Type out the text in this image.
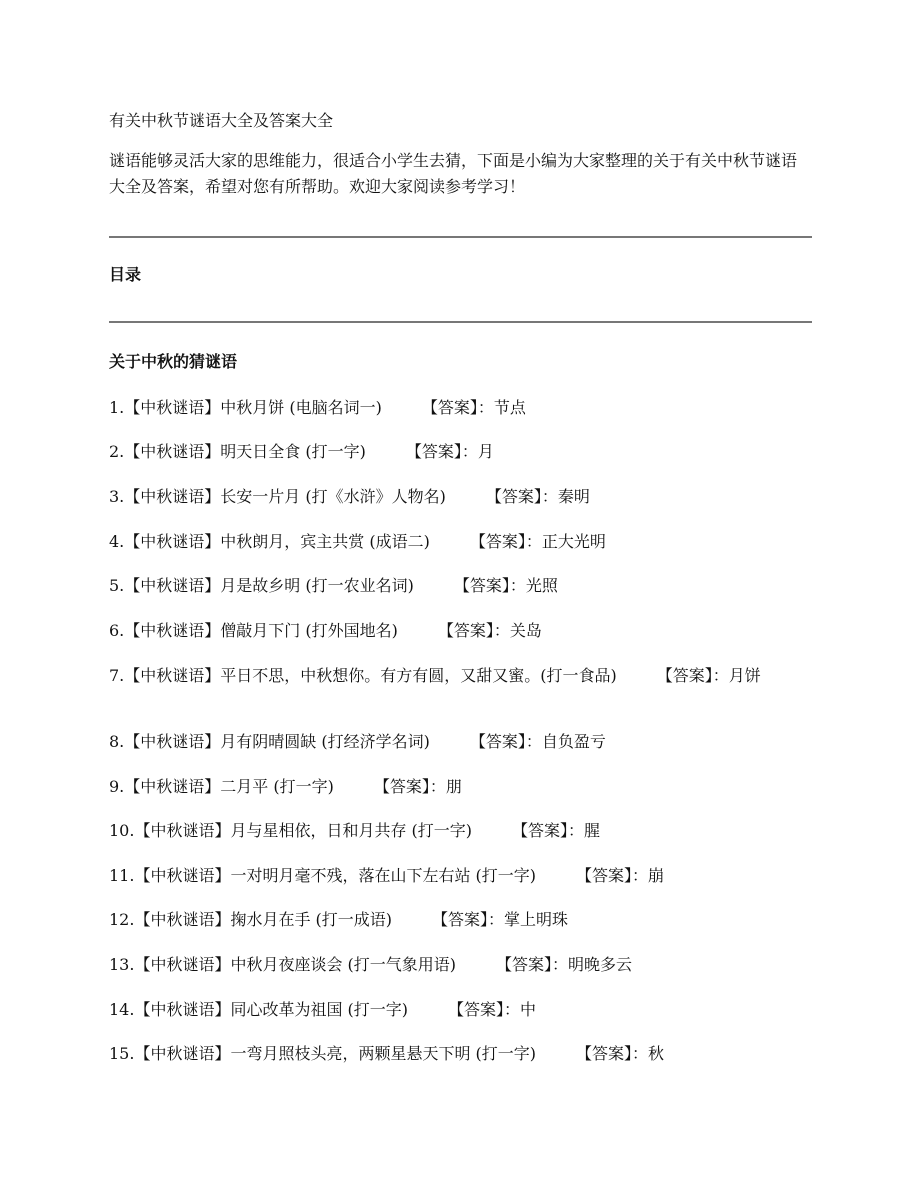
有关中秋节谜语大全及答案大全

谜语能够灵活大家的思维能力，很适合小学生去猜，下面是小编为大家整理的关于有关中秋节谜语大全及答案，希望对您有所帮助。欢迎大家阅读参考学习！

目录

关于中秋的猜谜语

1.【中秋谜语】中秋月饼 (电脑名词一)	【答案】：节点
2.【中秋谜语】明天日全食 (打一字)	【答案】：月
3.【中秋谜语】长安一片月 (打《水浒》人物名)	【答案】：秦明
4.【中秋谜语】中秋朗月，宾主共赏 (成语二)	【答案】：正大光明
5.【中秋谜语】月是故乡明 (打一农业名词)	【答案】：光照
6.【中秋谜语】僧敲月下门 (打外国地名)	【答案】：关岛
7.【中秋谜语】平日不思，中秋想你。有方有圆，又甜又蜜。(打一食品)	【答案】：月饼
8.【中秋谜语】月有阴晴圆缺 (打经济学名词)	【答案】：自负盈亏
9.【中秋谜语】二月平 (打一字)	【答案】：朋
10.【中秋谜语】月与星相依，日和月共存 (打一字)	【答案】：腥
11.【中秋谜语】一对明月毫不残，落在山下左右站 (打一字)	【答案】：崩
12.【中秋谜语】掬水月在手 (打一成语)	【答案】：掌上明珠
13.【中秋谜语】中秋月夜座谈会 (打一气象用语)	【答案】：明晚多云
14.【中秋谜语】同心改革为祖国 (打一字)	【答案】：中
15.【中秋谜语】一弯月照枝头亮，两颗星悬天下明 (打一字)	【答案】：秋
